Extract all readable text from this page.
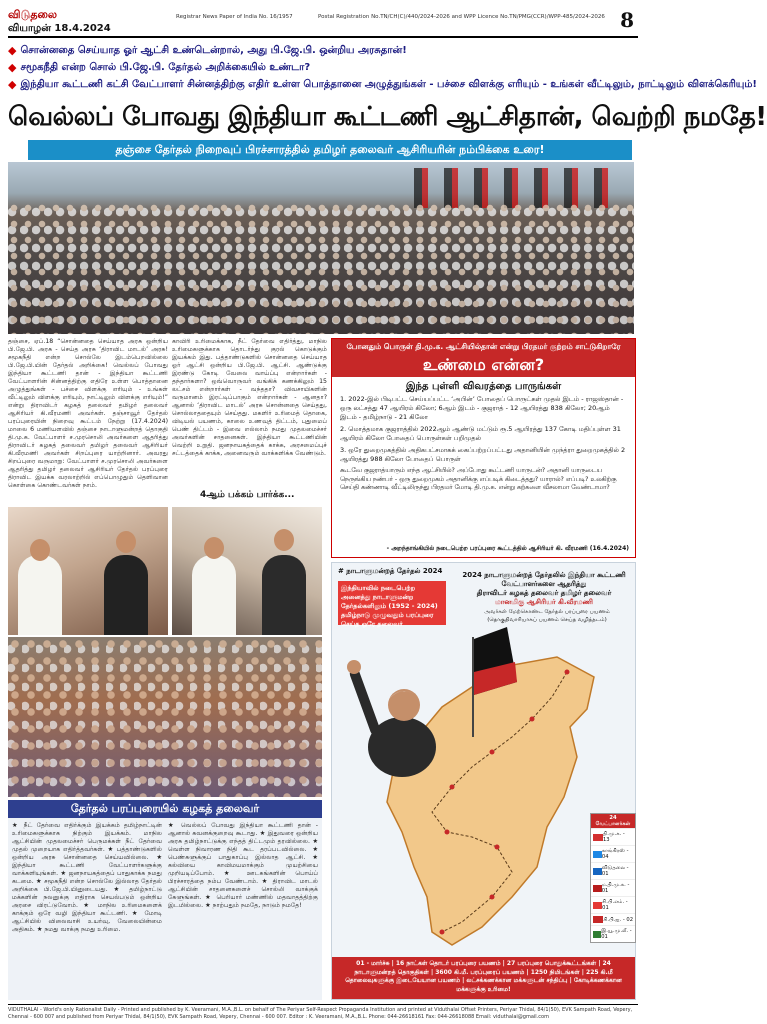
விடுதலை
வியாழன் 18.4.2024
Registrar News Paper of India No. 16/1957	Postal Registration No.TN/CH(C)/440/2024-2026 and WPP Licence No.TN/PMG(CCR)/WPP-485/2024-2026 8
◆ சொன்னதை செய்யாத ஓர் ஆட்சி உண்டென்றால், அது பி.ஜே.பி. ஒன்றிய அரசுதான்!
◆ சமூகநீதி என்ற சொல் பி.ஜே.பி. தேர்தல் அறிக்கையில் உண்டா?
◆ இந்தியா கூட்டணி கட்சி வேட்பாளர் சின்னத்திற்கு எதிர் உள்ள பொத்தானை அழுத்துங்கள் - பச்சை விளக்கு எரியும் - உங்கள் வீட்டிலும், நாட்டிலும் விளக்கெரியும்!
வெல்லப் போவது இந்தியா கூட்டணி ஆட்சிதான், வெற்றி நமதே!
தஞ்சை தேர்தல் நிறைவுப் பிரச்சாரத்தில் தமிழர் தலைவர் ஆசிரியரின் நம்பிக்கை உரை!
தஞ்சை, ஏப்.18 “சொன்னதை செய்யாத அரசு ஒன்றிய பி.ஜே.பி. அரசு - செய்த அரசு ‘திராவிட மாடல்’ அரசு! சமூகநீதி என்ற சொல்லே இடம்பெறவில்லை பி.ஜே.பி.யின் தேர்தல் அறிக்கை! வெல்லப் போவது இந்தியா கூட்டணி தான் - இந்தியா கூட்டணி வேட்பாளரின் சின்னத்திற்கு எதிரே உள்ள பொத்தானை அழுத்துங்கள் - பச்சை விளக்கு எரியும் - உங்கள் வீட்டிலும் விளக்கு எரியும், நாட்டிலும் விளக்கு எரியும்!” என்று திராவிடர் கழகத் தலைவர் தமிழர் தலைவர் ஆசிரியர் கி.வீரமணி அவர்கள். தஞ்சாவூர் தேர்தல் பரப்புரையின் நிறைவு கூட்டம் நேற்று (17.4.2024) மாலை 6 மணியளவில் தஞ்சை நாடாளுமன்றத் தொகுதி தி.மு.க. வேட்பாளர் ச.முரசொலி அவர்களை ஆதரித்து திராவிடர் கழகத் தலைவர் தமிழர் தலைவர் ஆசிரியர் கி.வீரமணி அவர்கள் சிறப்புரை யாற்றினார். அவரது சிறப்புரை வருமாறு: வேட்பாளர் ச.முரசொலி அவர்களை ஆதரித்து தமிழர் தலைவர் ஆசிரியர் தேர்தல் பரப்புரை திராவிட இயக்க வரலாற்றில் எப்பொழுதும் தெளிவான கொள்கை கொண்டவர்கள் நாம்.
காவிரி உரிமைக்காக, நீட் தேர்வை எதிர்த்து, மாநில உரிமைகளுக்காக தொடர்ந்து குரல் கொடுக்கும் இயக்கம் இது. பத்தாண்டுகளில் சொன்னதை செய்யாத ஓர் ஆட்சி ஒன்றிய பி.ஜே.பி. ஆட்சி. ஆண்டுக்கு இரண்டு கோடி வேலை வாய்ப்பு என்றார்கள் - தந்தார்களா? ஒவ்வொருவர் வங்கிக் கணக்கிலும் 15 லட்சம் என்றார்கள் - வந்ததா? விவசாயிகளின் வருமானம் இரட்டிப்பாகும் என்றார்கள் - ஆனதா? ஆனால் ‘திராவிட மாடல்’ அரசு சொன்னதை செய்தது, சொல்லாததையும் செய்தது. மகளிர் உரிமைத் தொகை, விடியல் பயணம், காலை உணவுத் திட்டம், புதுமைப் பெண் திட்டம் - இவை எல்லாம் நமது முதலமைச்சர் அவர்களின் சாதனைகள். இந்தியா கூட்டணியின் வெற்றி உறுதி. ஜனநாயகத்தைக் காக்க, அரசமைப்புச் சட்டத்தைக் காக்க, அனைவரும் வாக்களிக்க வேண்டும்.
4ஆம் பக்கம் பார்க்க...
போனதும் பொருள் தி.மு.க. ஆட்சியில்தான் என்று பிரதமர் குற்றம் சாட்டுகிறாரே
உண்மை என்ன?
இந்த புள்ளி விவரத்தை பாருங்கள்
1. 2022-இல் பிடிபட்ட செய்யப்பட்ட ‘அபின்’ போதைப் பொருட்கள் முதல் இடம் - ராஜஸ்தான் - ஒரு லட்சத்து 47 ஆயிரம் கிலோ; 6ஆம் இடம் - குஜராத் - 12 ஆயிரத்து 838 கிலோ; 20ஆம் இடம் - தமிழ்நாடு - 21 கிலோ
2. மொத்தமாக குஜராத்தில் 2022ஆம் ஆண்டு மட்டும் ரூ.5 ஆயிரத்து 137 கோடி மதிப்புள்ள 31 ஆயிரம் கிலோ போதைப் பொருள்கள் பறிமுதல்
3. ஒரே துறைமுகத்தில் அதிகபட்சமாகக் கைப்பற்றப்பட்டது அதானியின் முந்த்ரா துறைமுகத்தில் 2 ஆயிரத்து 988 கிலோ போதைப் பொருள்
கூடவே குஜராத்யாரும் எந்த ஆட்சியில்? அப்போது கூட்டணி யாருடன்? அதானி யாருடைய நெருங்கிய நண்பர் - ஒரு துறைமுகம் அதானிக்கு எப்படிக் கிடைத்தது? யாரால்? எப்படி? உலகிற்கு செய்தி கண்ணாடி வீட்டிலிருந்து பிரதமர் மோடி தி.மு.க. என்று கற்களை வீசலாமா வேண்டாமா?
- அறந்தாங்கியில் நடைபெற்ற பரப்புரை கூட்டத்தில் ஆசிரியர் கி. வீரமணி (16.4.2024)
தேர்தல் பரப்புரையில் கழகத் தலைவர்
★ நீட் தேர்வை எதிர்க்கும் இயக்கம் தமிழ்நாட்டின் உரிமைகளுக்காக நிற்கும் இயக்கம். மாநில ஆட்சியின் முதலமைச்சர் பெருமக்கள் நீட் தேர்வை முதல் முறையாக எதிர்த்தவர்கள். ★ பத்தாண்டுகளில் ஒன்றிய அரசு சொன்னதை செய்யவில்லை. ★ இந்தியா கூட்டணி வேட்பாளர்களுக்கு வாக்களியுங்கள். ★ ஜனநாயகத்தைப் பாதுகாக்க நமது கடமை. ★ சமூகநீதி என்ற சொல்லே இல்லாத தேர்தல் அறிக்கை பி.ஜே.பி.யினுடையது. ★ தமிழ்நாட்டு மக்களின் நலனுக்கு எதிராக செயல்படும் ஒன்றிய அரசை விரட்டுவோம். ★ மாநில உரிமைகளைக் காக்கும் ஒரே வழி இந்தியா கூட்டணி. ★ மோடி ஆட்சியில் விலைவாசி உயர்வு, வேலையின்மை அதிகம். ★ நமது வாக்கு நமது உரிமை.
★ வெல்லப் போவது இந்தியா கூட்டணி தான் - ஆனால் கவனக்குறைவு கூடாது. ★ இதுவரை ஒன்றிய அரசு தமிழ்நாட்டுக்கு எந்தத் திட்டமும் தரவில்லை. ★ வெள்ள நிவாரண நிதி கூட தரப்படவில்லை. ★ பெண்களுக்குப் பாதுகாப்பு இல்லாத ஆட்சி. ★ கல்வியை காவிமயமாக்கும் முயற்சியை முறியடிப்போம். ★ ஊடகங்களின் பொய்ப் பிரச்சாரத்தை நம்ப வேண்டாம். ★ திராவிட மாடல் ஆட்சியின் சாதனைகளைச் சொல்லி வாக்குக் கேளுங்கள். ★ பெரியார் மண்ணில் மதவாதத்திற்கு இடமில்லை. ★ நாற்பதும் நமதே, நாடும் நமதே!
# நாடாளுமன்றத் தேர்தல் 2024
இந்தியாவில் நடைபெற்ற அனைத்து நாடாளுமன்ற தேர்தல்களிலும் (1952 - 2024) தமிழ்நாடு முழுவதும் பரப்புரை செய்த ஒரே தலைவர்
2024 நாடாளுமன்றத் தேர்தலில் இந்தியா கூட்டணி
வேட்பாளர்களை ஆதரித்து
திராவிடர் கழகத் தலைவர் தமிழர் தலைவர்
மானமிகு ஆசிரியர் கி.வீரமணி
அவர்கள் மேற்கொண்ட தேர்தல் பரப்புரை பயணம் (தொகுதிவாரியாகப் பயணம் செய்த வழித்தடம்)
24 வேட்பாளர்கள்
தி.மு.க. - 13
காங்கிரஸ் - 04
விடுதலை - 01
ம.தி.மு.க. - 01
சி.பி.எம். - 01
சி.பி.ஐ. - 02
இ.யூ.மு.லீ. - 01
01 - மார்ச்சு | 16 நாட்கள் தொடர் பரப்புரை பயணம் | 27 பரப்புரை பொதுக்கூட்டங்கள் | 24 நாடாளுமன்றத் தொகுதிகள் | 3600 கி.மீ. பரப்புரைப் பயணம் | 1250 நிமிடங்கள் | 225 கி.மீ தொலைவுகளுக்கு இடையேயான பயணம் | லட்சக்கணக்கான மக்களுடன் சந்திப்பு | கோடிக்கணக்கான மக்களுக்கு உரிமை!
VIDUTHALAI - World's only Rationalist Daily - Printed and published by K. Veeramani, M.A.,B.L. on behalf of The Periyar Self-Respect Propaganda Institution and printed at Viduthalai Offset Printers, Periyar Thidal, 84/1(50), EVK Sampath Road, Vepery, Chennai - 600 007 and published from Periyar Thidal, 84/1(50), EVK Sampath Road, Vepery, Chennai - 600 007. Editor : K. Veeramani, M.A.,B.L. Phone: 044-26618161 Fax: 044-26618088 Email: viduthalai@gmail.com
